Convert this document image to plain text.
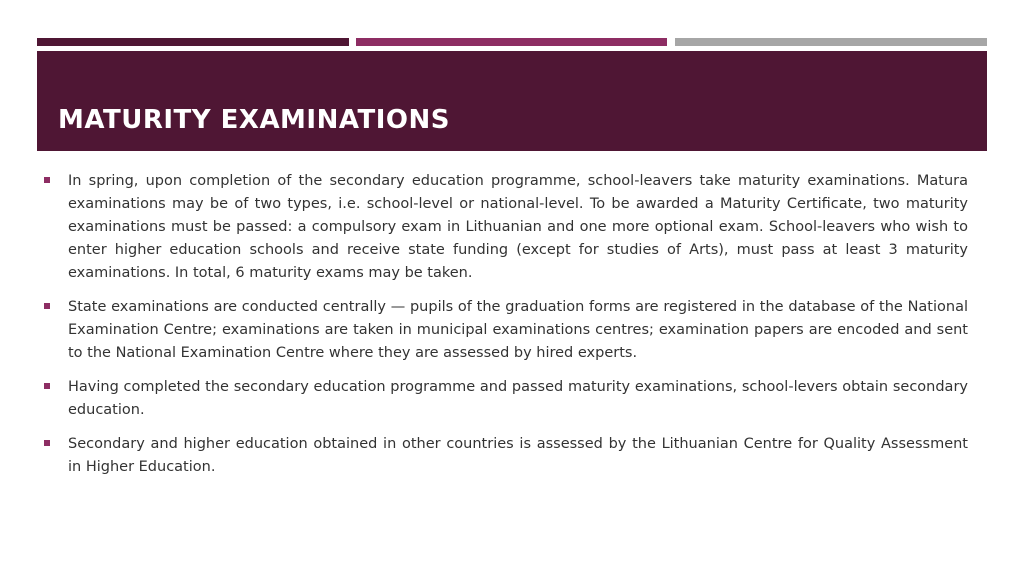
MATURITY EXAMINATIONS
In spring, upon completion of the secondary education programme, school-leavers take maturity examinations. Matura examinations may be of two types, i.e. school-level or national-level. To be awarded a Maturity Certificate, two maturity examinations must be passed: a compulsory exam in Lithuanian and one more optional exam. School-leavers who wish to enter higher education schools and receive state funding (except for studies of Arts), must pass at least 3 maturity examinations. In total, 6 maturity exams may be taken.
State examinations are conducted centrally — pupils of the graduation forms are registered in the database of the National Examination Centre; examinations are taken in municipal examinations centres; examination papers are encoded and sent to the National Examination Centre where they are assessed by hired experts.
Having completed the secondary education programme and passed maturity examinations, school-levers obtain secondary education.
Secondary and higher education obtained in other countries is assessed by the Lithuanian Centre for Quality Assessment in Higher Education.
